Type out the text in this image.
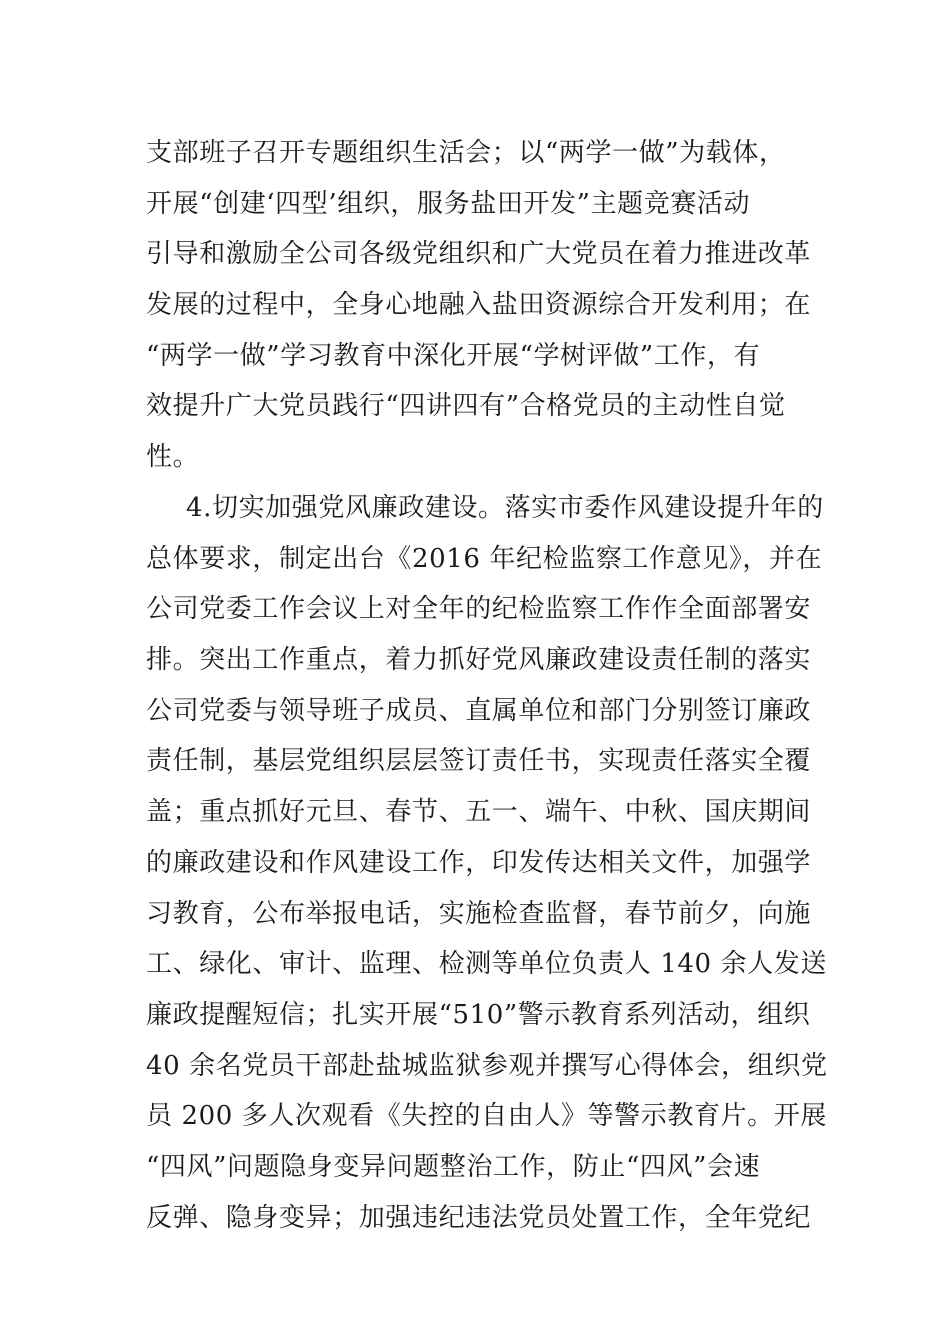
支部班子召开专题组织生活会；以“两学一做”为载体，
开展“创建‘四型’组织，服务盐田开发”主题竞赛活动
引导和激励全公司各级党组织和广大党员在着力推进改革
发展的过程中，全身心地融入盐田资源综合开发利用；在
“两学一做”学习教育中深化开展“学树评做”工作，有
效提升广大党员践行“四讲四有”合格党员的主动性自觉
性。
4.切实加强党风廉政建设。落实市委作风建设提升年的
总体要求，制定出台《2016 年纪检监察工作意见》，并在
公司党委工作会议上对全年的纪检监察工作作全面部署安
排。突出工作重点，着力抓好党风廉政建设责任制的落实
公司党委与领导班子成员、直属单位和部门分别签订廉政
责任制，基层党组织层层签订责任书，实现责任落实全覆
盖；重点抓好元旦、春节、五一、端午、中秋、国庆期间
的廉政建设和作风建设工作，印发传达相关文件，加强学
习教育，公布举报电话，实施检查监督，春节前夕，向施
工、绿化、审计、监理、检测等单位负责人 140 余人发送
廉政提醒短信；扎实开展“510”警示教育系列活动，组织
40 余名党员干部赴盐城监狱参观并撰写心得体会，组织党
员 200 多人次观看《失控的自由人》等警示教育片。开展
“四风”问题隐身变异问题整治工作，防止“四风”会速
反弹、隐身变异；加强违纪违法党员处置工作，全年党纪
